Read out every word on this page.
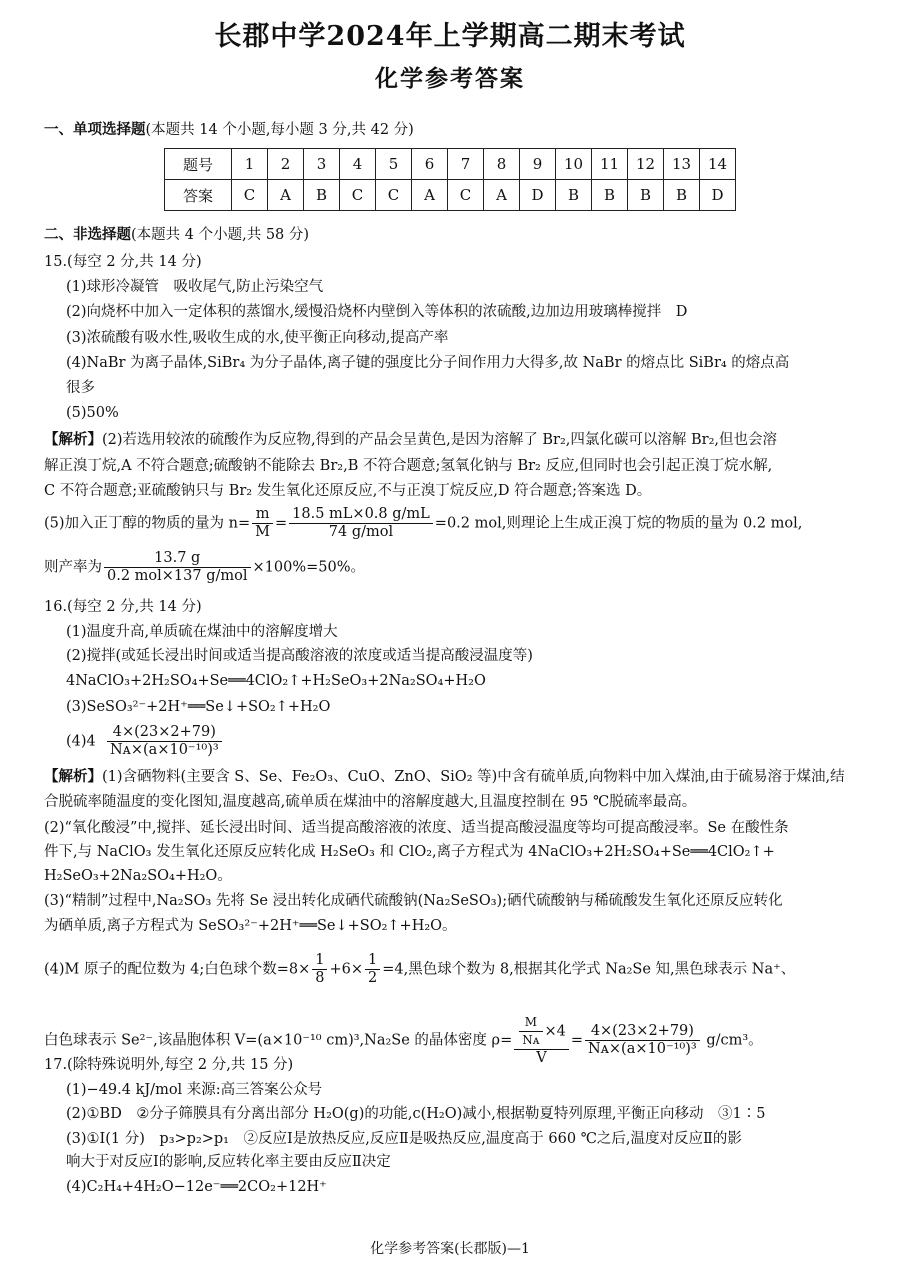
长郡中学2024年上学期高二期末考试
化学参考答案
一、单项选择题(本题共 14 个小题,每小题 3 分,共 42 分)
题号	1	2	3	4	5	6	7	8	9	10	11	12	13	14
答案	C	A	B	C	C	A	C	A	D	B	B	B	B	D
二、非选择题(本题共 4 个小题,共 58 分)
15.(每空 2 分,共 14 分)
(1)球形冷凝管　吸收尾气,防止污染空气
(2)向烧杯中加入一定体积的蒸馏水,缓慢沿烧杯内壁倒入等体积的浓硫酸,边加边用玻璃棒搅拌　D
(3)浓硫酸有吸水性,吸收生成的水,使平衡正向移动,提高产率
(4)NaBr 为离子晶体,SiBr₄ 为分子晶体,离子键的强度比分子间作用力大得多,故 NaBr 的熔点比 SiBr₄ 的熔点高
很多
(5)50%
【解析】(2)若选用较浓的硫酸作为反应物,得到的产品会呈黄色,是因为溶解了 Br₂,四氯化碳可以溶解 Br₂,但也会溶
解正溴丁烷,A 不符合题意;硫酸钠不能除去 Br₂,B 不符合题意;氢氧化钠与 Br₂ 反应,但同时也会引起正溴丁烷水解,
C 不符合题意;亚硫酸钠只与 Br₂ 发生氧化还原反应,不与正溴丁烷反应,D 符合题意;答案选 D。
(5)加入正丁醇的物质的量为 $n= \frac{m}{M} = \frac{18.5 mL\times 0.8 g/mL}{\text{74 g/mol}} =0.2$ mol,则理论上生成正溴丁烷的物质的量为 0.2 mol,
则产率为 $\frac{13.7 g}{\text{0.2 mol×137 g/mol}} \times 100\%=50\%$。
16.(每空 2 分,共 14 分)
(1)温度升高,单质硫在煤油中的溶解度增大
(2)搅拌(或延长浸出时间或适当提高酸溶液的浓度或适当提高酸浸温度等)
4NaClO₃+2H₂SO₄+Se══4ClO₂↑+H₂SeO₃+2Na₂SO₄+H₂O
(3)SeSO₃²⁻+2H⁺══Se↓+SO₂↑+H₂O
$(4)4 \frac{4\times(23\times 2+79)}{\text{Nᴀ×(a×10⁻¹⁰)³}}$
【解析】(1)含硒物料(主要含 S、Se、Fe₂O₃、CuO、ZnO、SiO₂ 等)中含有硫单质,向物料中加入煤油,由于硫易溶于煤油,结
合脱硫率随温度的变化图知,温度越高,硫单质在煤油中的溶解度越大,且温度控制在 95 ℃脱硫率最高。
(2)“氧化酸浸”中,搅拌、延长浸出时间、适当提高酸溶液的浓度、适当提高酸浸温度等均可提高酸浸率。Se 在酸性条
件下,与 NaClO₃ 发生氧化还原反应转化成 H₂SeO₃ 和 ClO₂,离子方程式为 4NaClO₃+2H₂SO₄+Se══4ClO₂↑+
H₂SeO₃+2Na₂SO₄+H₂O。
(3)“精制”过程中,Na₂SO₃ 先将 Se 浸出转化成硒代硫酸钠(Na₂SeSO₃);硒代硫酸钠与稀硫酸发生氧化还原反应转化
为硒单质,离子方程式为 SeSO₃²⁻+2H⁺══Se↓+SO₂↑+H₂O。
(4)M 原子的配位数为 4;白色球个数$=8\times \frac{1}{8} +6\times \frac{1}{2} =4$,黑色球个数为 8,根据其化学式 Na₂Se 知,黑色球表示 Na⁺、
白色球表示 Se²⁻,该晶胞体积 V=(a×10⁻¹⁰ cm)³,Na₂Se 的晶体密度 $\rho= \frac{\frac{M}{\text{Nᴀ}} \times 4}{V} = \frac{4\times(23\times 2+79)}{\text{Nᴀ×(a×10⁻¹⁰)³}} g/cm^3$。
17.(除特殊说明外,每空 2 分,共 15 分)
(1)−49.4 kJ/mol 来源:高三答案公众号
(2)①BD　②分子筛膜具有分离出部分 H₂O(g)的功能,c(H₂O)减小,根据勒夏特列原理,平衡正向移动　③1∶5
(3)①Ⅰ(1 分)　p₃>p₂>p₁　②反应Ⅰ是放热反应,反应Ⅱ是吸热反应,温度高于 660 ℃之后,温度对反应Ⅱ的影
响大于对反应Ⅰ的影响,反应转化率主要由反应Ⅱ决定
(4)C₂H₄+4H₂O−12e⁻══2CO₂+12H⁺
化学参考答案(长郡版)—1
